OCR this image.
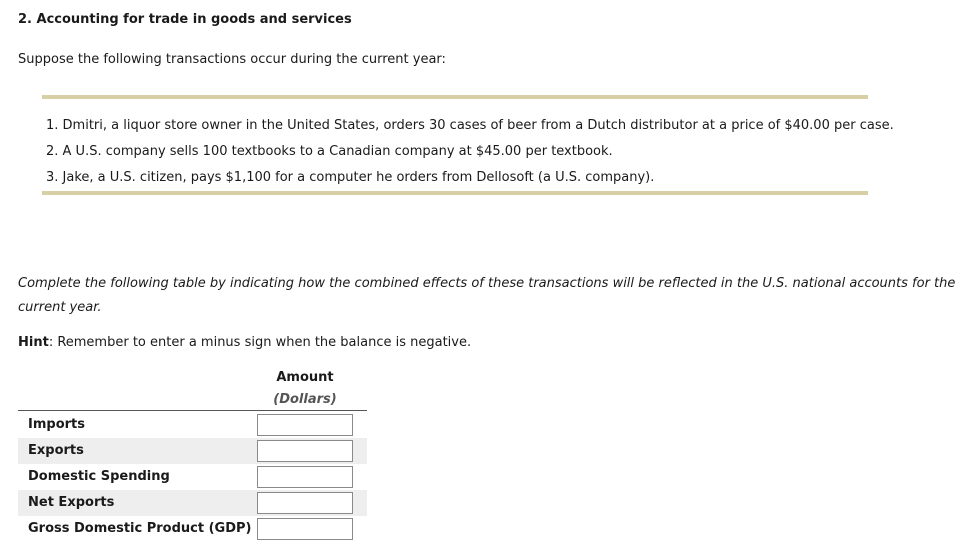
2. Accounting for trade in goods and services
Suppose the following transactions occur during the current year:
1. Dmitri, a liquor store owner in the United States, orders 30 cases of beer from a Dutch distributor at a price of $40.00 per case.
2. A U.S. company sells 100 textbooks to a Canadian company at $45.00 per textbook.
3. Jake, a U.S. citizen, pays $1,100 for a computer he orders from Dellosoft (a U.S. company).
Complete the following table by indicating how the combined effects of these transactions will be reflected in the U.S. national accounts for the current year.
Hint: Remember to enter a minus sign when the balance is negative.
Amount
(Dollars)
Imports
Exports
Domestic Spending
Net Exports
Gross Domestic Product (GDP)
